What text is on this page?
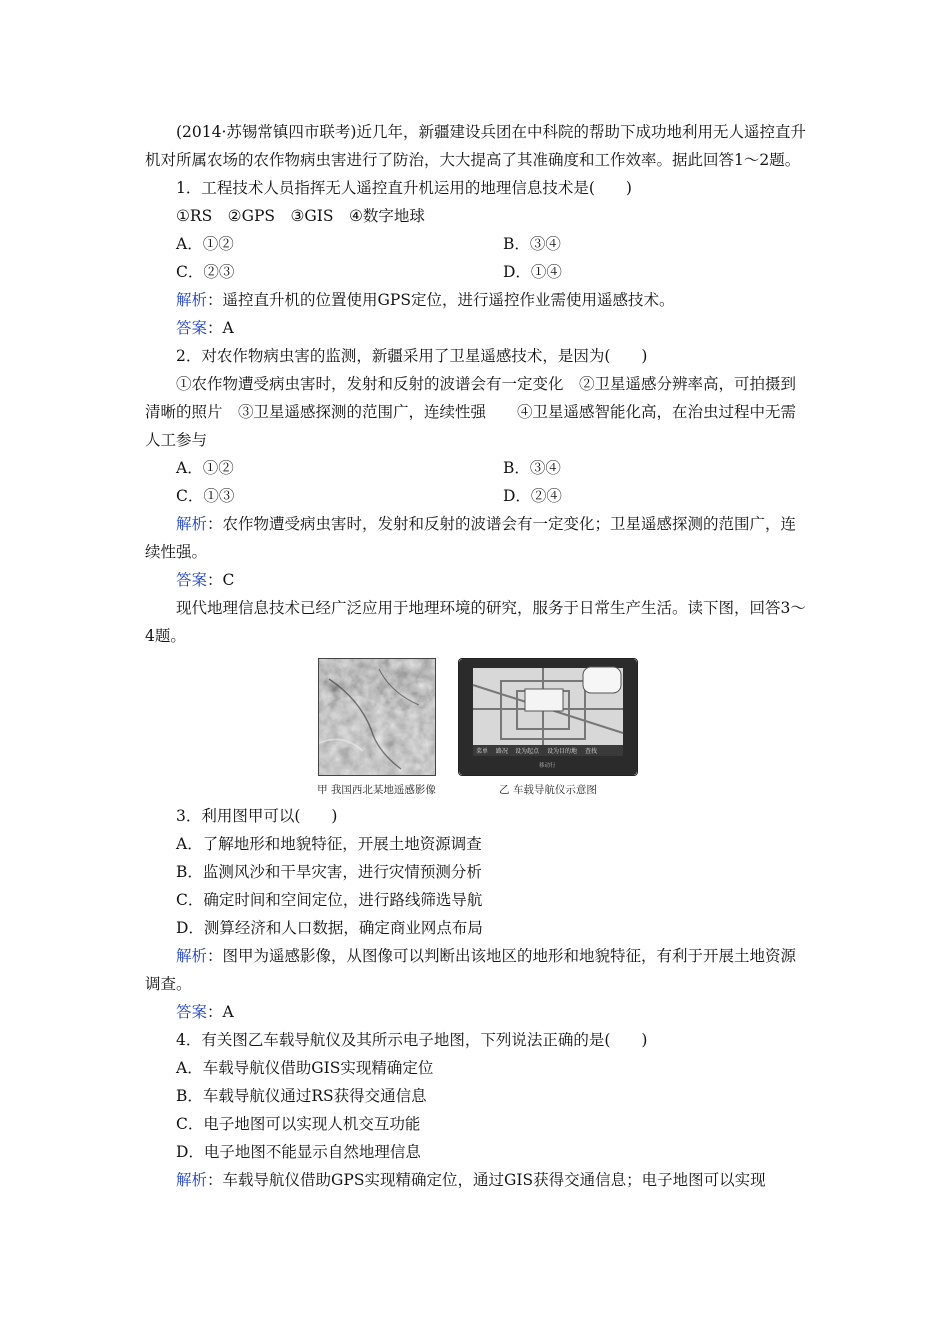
(2014·苏锡常镇四市联考)近几年，新疆建设兵团在中科院的帮助下成功地利用无人遥控直升机对所属农场的农作物病虫害进行了防治，大大提高了其准确度和工作效率。据此回答1～2题。

1．工程技术人员指挥无人遥控直升机运用的地理信息技术是(　　)
①RS　②GPS　③GIS　④数字地球
A．①②	B．③④
C．②③	D．①④
解析：遥控直升机的位置使用GPS定位，进行遥控作业需使用遥感技术。
答案：A
2．对农作物病虫害的监测，新疆采用了卫星遥感技术，是因为(　　)

①农作物遭受病虫害时，发射和反射的波谱会有一定变化　②卫星遥感分辨率高，可拍摄到清晰的照片　③卫星遥感探测的范围广，连续性强　　④卫星遥感智能化高，在治虫过程中无需人工参与

A．①②	B．③④
C．①③	D．②④

解析：农作物遭受病虫害时，发射和反射的波谱会有一定变化；卫星遥感探测的范围广，连续性强。

答案：C

现代地理信息技术已经广泛应用于地理环境的研究，服务于日常生产生活。读下图，回答3～4题。

甲 我国西北某地遥感影像
菜单 路况 设为起点 设为目的地 查找
移动行
乙 车载导航仪示意图
3．利用图甲可以(　　)
A．了解地形和地貌特征，开展土地资源调查
B．监测风沙和干旱灾害，进行灾情预测分析
C．确定时间和空间定位，进行路线筛选导航
D．测算经济和人口数据，确定商业网点布局

解析：图甲为遥感影像，从图像可以判断出该地区的地形和地貌特征，有利于开展土地资源调查。

答案：A
4．有关图乙车载导航仪及其所示电子地图，下列说法正确的是(　　)
A．车载导航仪借助GIS实现精确定位
B．车载导航仪通过RS获得交通信息
C．电子地图可以实现人机交互功能
D．电子地图不能显示自然地理信息
解析：车载导航仪借助GPS实现精确定位，通过GIS获得交通信息；电子地图可以实现
